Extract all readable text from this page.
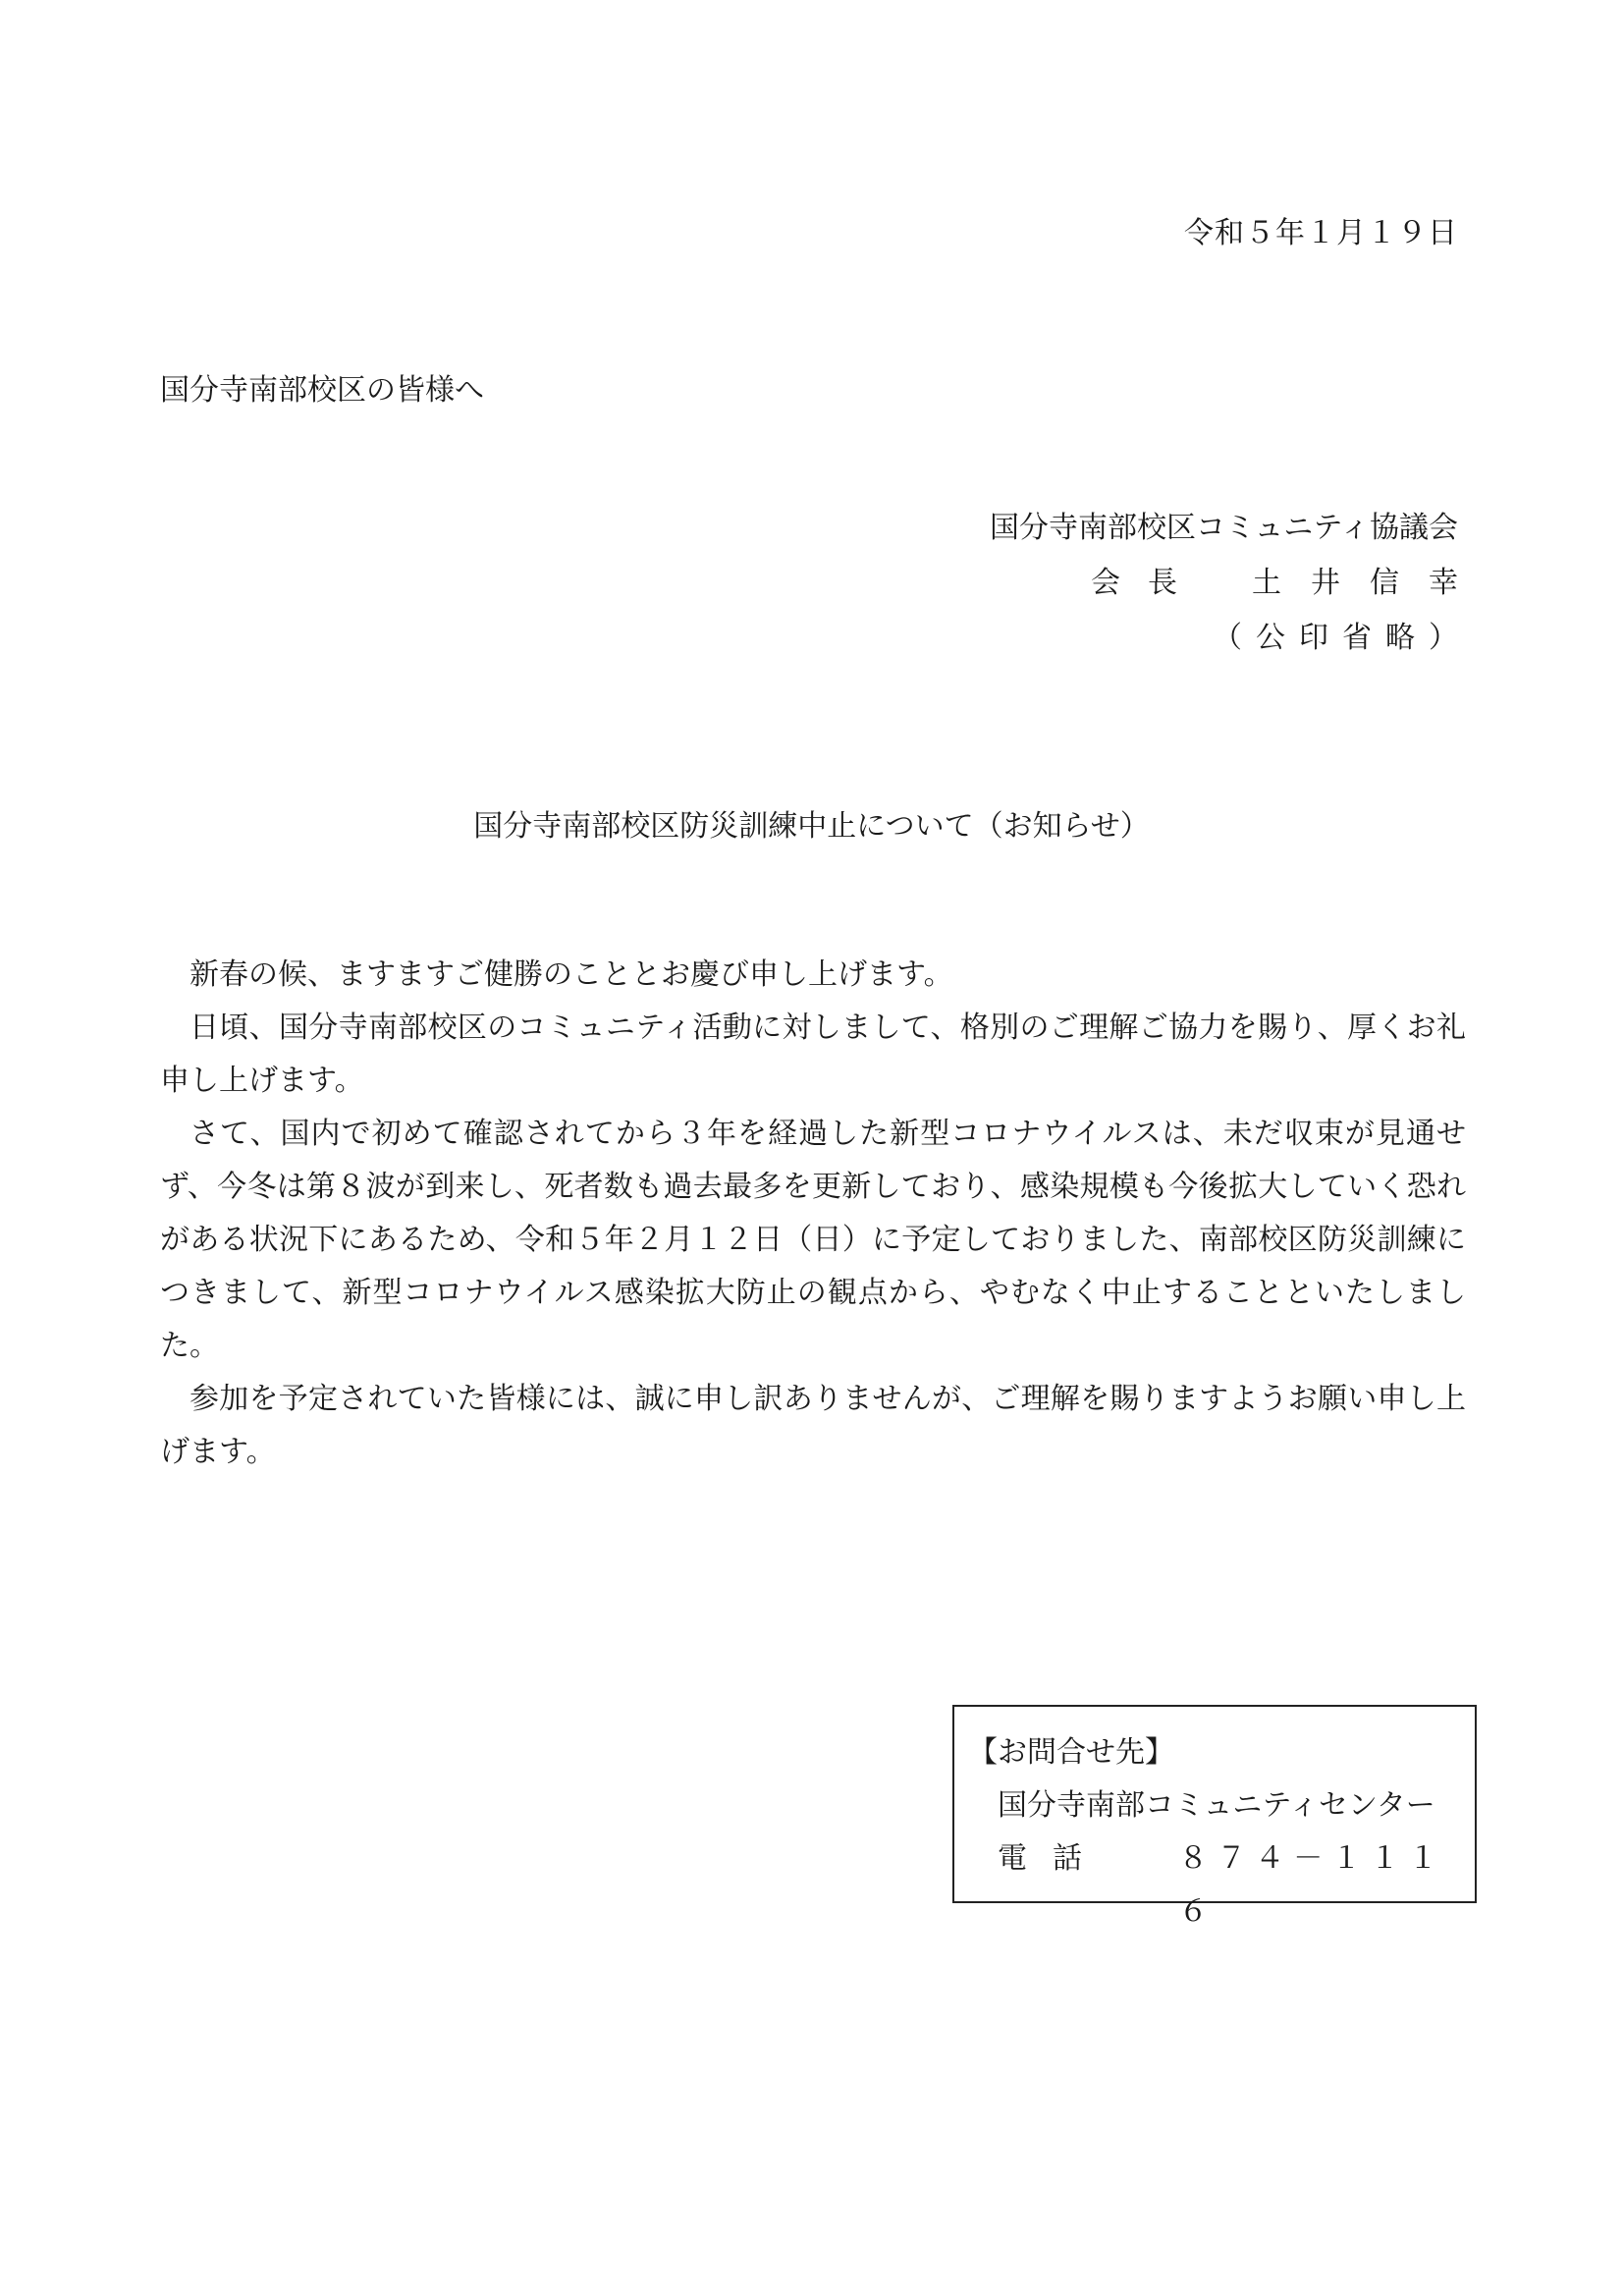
令和５年１月１９日
国分寺南部校区の皆様へ
国分寺南部校区コミュニティ協議会
会長 土井信幸
（公印省略）
国分寺南部校区防災訓練中止について（お知らせ）

新春の候、ますますご健勝のこととお慶び申し上げます。

日頃、国分寺南部校区のコミュニティ活動に対しまして、格別のご理解ご協力を賜り、厚くお礼申し上げます。

さて、国内で初めて確認されてから３年を経過した新型コロナウイルスは、未だ収束が見通せず、今冬は第８波が到来し、死者数も過去最多を更新しており、感染規模も今後拡大していく恐れがある状況下にあるため、令和５年２月１２日（日）に予定しておりました、南部校区防災訓練につきまして、新型コロナウイルス感染拡大防止の観点から、やむなく中止することといたしました。

参加を予定されていた皆様には、誠に申し訳ありませんが、ご理解を賜りますようお願い申し上げます。

【お問合せ先】
国分寺南部コミュニティセンター
電話	８７４－１１１６
